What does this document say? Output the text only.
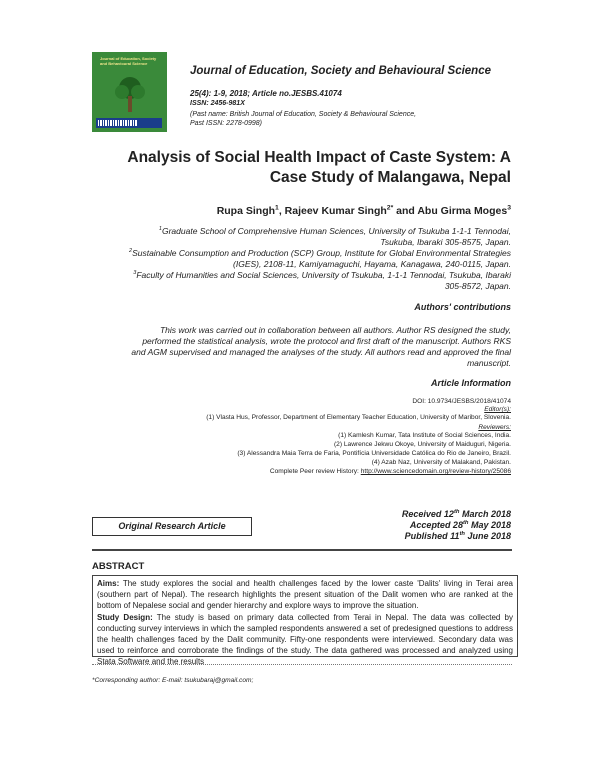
Journal of Education, Society and Behavioural Science
Journal of Education, Society and Behavioural Science
25(4): 1-9, 2018; Article no.JESBS.41074
ISSN: 2456-981X
(Past name: British Journal of Education, Society & Behavioural Science,
Past ISSN: 2278-0998)
Analysis of Social Health Impact of Caste System: A
Case Study of Malangawa, Nepal
Rupa Singh$^1$, Rajeev Kumar Singh$^{2*}$ and Abu Girma Moges$^3$
$^1$Graduate School of Comprehensive Human Sciences, University of Tsukuba 1-1-1 Tennodai,
Tsukuba, Ibaraki 305-8575, Japan.
$^2$Sustainable Consumption and Production (SCP) Group, Institute for Global Environmental Strategies
(IGES), 2108-11, Kamiyamaguchi, Hayama, Kanagawa, 240-0115, Japan.
$^3$Faculty of Humanities and Social Sciences, University of Tsukuba, 1-1-1 Tennodai, Tsukuba, Ibaraki
305-8572, Japan.
Authors' contributions
This work was carried out in collaboration between all authors. Author RS designed the study,
performed the statistical analysis, wrote the protocol and first draft of the manuscript. Authors RKS
and AGM supervised and managed the analyses of the study. All authors read and approved the final
manuscript.
Article Information
DOI: 10.9734/JESBS/2018/41074
Editor(s):
(1) Vlasta Hus, Professor, Department of Elementary Teacher Education, University of Maribor, Slovenia.
Reviewers:
(1) Kamlesh Kumar, Tata Institute of Social Sciences, India.
(2) Lawrence Jekwu Okoye, University of Maiduguri, Nigeria.
(3) Alessandra Maia Terra de Faria, Pontifícia Universidade Católica do Rio de Janeiro, Brazil.
(4) Azab Naz, University of Malakand, Pakistan.
Complete Peer review History: http://www.sciencedomain.org/review-history/25086
Original Research Article
Received 12th March 2018
Accepted 28th May 2018
Published 11th June 2018
ABSTRACT
Aims: The study explores the social and health challenges faced by the lower caste 'Dalits' living in Terai area (southern part of Nepal). The research highlights the present situation of the Dalit women who are ranked at the bottom of Nepalese social and gender hierarchy and explore ways to improve the situation.
Study Design: The study is based on primary data collected from Terai in Nepal. The data was collected by conducting survey interviews in which the sampled respondents answered a set of predesigned questions to address the health challenges faced by the Dalit community. Fifty-one respondents were interviewed. Secondary data was used to reinforce and corroborate the findings of the study. The data gathered was processed and analyzed using Stata Software and the results
*Corresponding author: E-mail: tsukubaraj@gmail.com;
